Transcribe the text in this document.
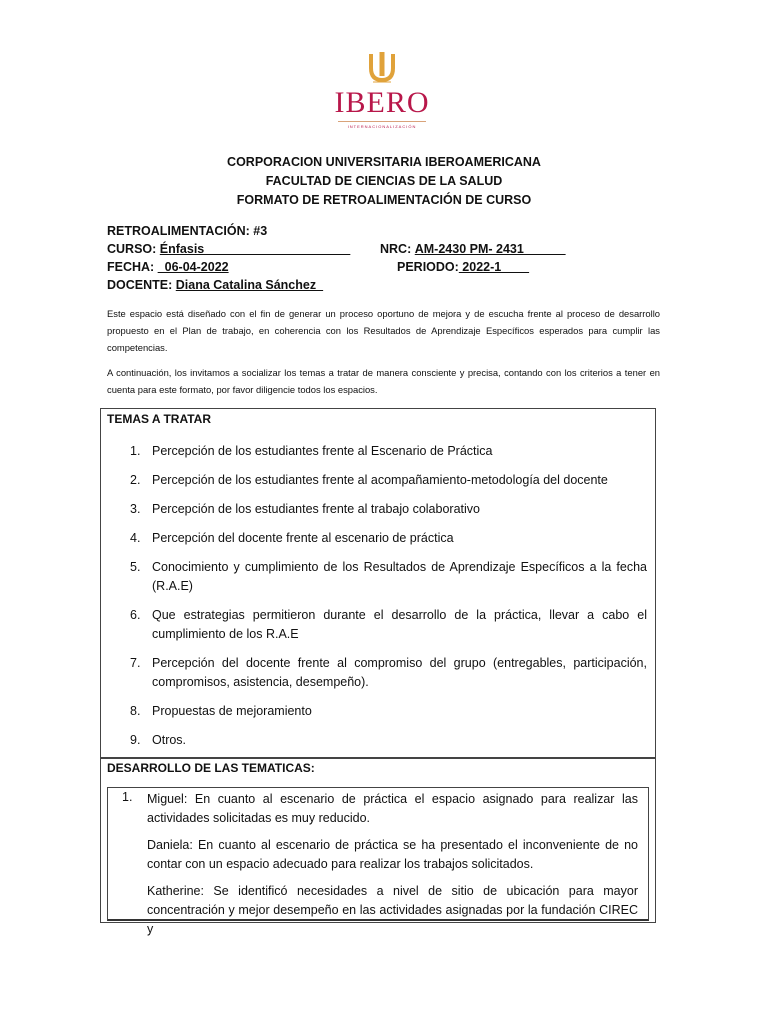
IBERO
INTERNACIONALIZACIÓN
CORPORACION UNIVERSITARIA IBEROAMERICANA
FACULTAD DE CIENCIAS DE LA SALUD
FORMATO DE RETROALIMENTACIÓN DE CURSO
RETROALIMENTACIÓN: #3
CURSO: Énfasis_____________________ NRC: AM-2430 PM- 2431______
FECHA: _06-04-2022	PERIODO: 2022-1____
DOCENTE: Diana Catalina Sánchez_
Este espacio está diseñado con el fin de generar un proceso oportuno de mejora y de escucha frente al proceso de desarrollo propuesto en el Plan de trabajo, en coherencia con los Resultados de Aprendizaje Específicos esperados para cumplir las competencias.
A continuación, los invitamos a socializar los temas a tratar de manera consciente y precisa, contando con los criterios a tener en cuenta para este formato, por favor diligencie todos los espacios.
TEMAS A TRATAR
1. Percepción de los estudiantes frente al Escenario de Práctica
2. Percepción de los estudiantes frente al acompañamiento-metodología del docente
3. Percepción de los estudiantes frente al trabajo colaborativo
4. Percepción del docente frente al escenario de práctica
5. Conocimiento y cumplimiento de los Resultados de Aprendizaje Específicos a la fecha (R.A.E)
6. Que estrategias permitieron durante el desarrollo de la práctica, llevar a cabo el cumplimiento de los R.A.E
7. Percepción del docente frente al compromiso del grupo (entregables, participación, compromisos, asistencia, desempeño).
8. Propuestas de mejoramiento
9. Otros.
DESARROLLO DE LAS TEMATICAS:
1. Miguel: En cuanto al escenario de práctica el espacio asignado para realizar las actividades solicitadas es muy reducido.

Daniela: En cuanto al escenario de práctica se ha presentado el inconveniente de no contar con un espacio adecuado para realizar los trabajos solicitados.

Katherine: Se identificó necesidades a nivel de sitio de ubicación para mayor concentración y mejor desempeño en las actividades asignadas por la fundación CIREC y
